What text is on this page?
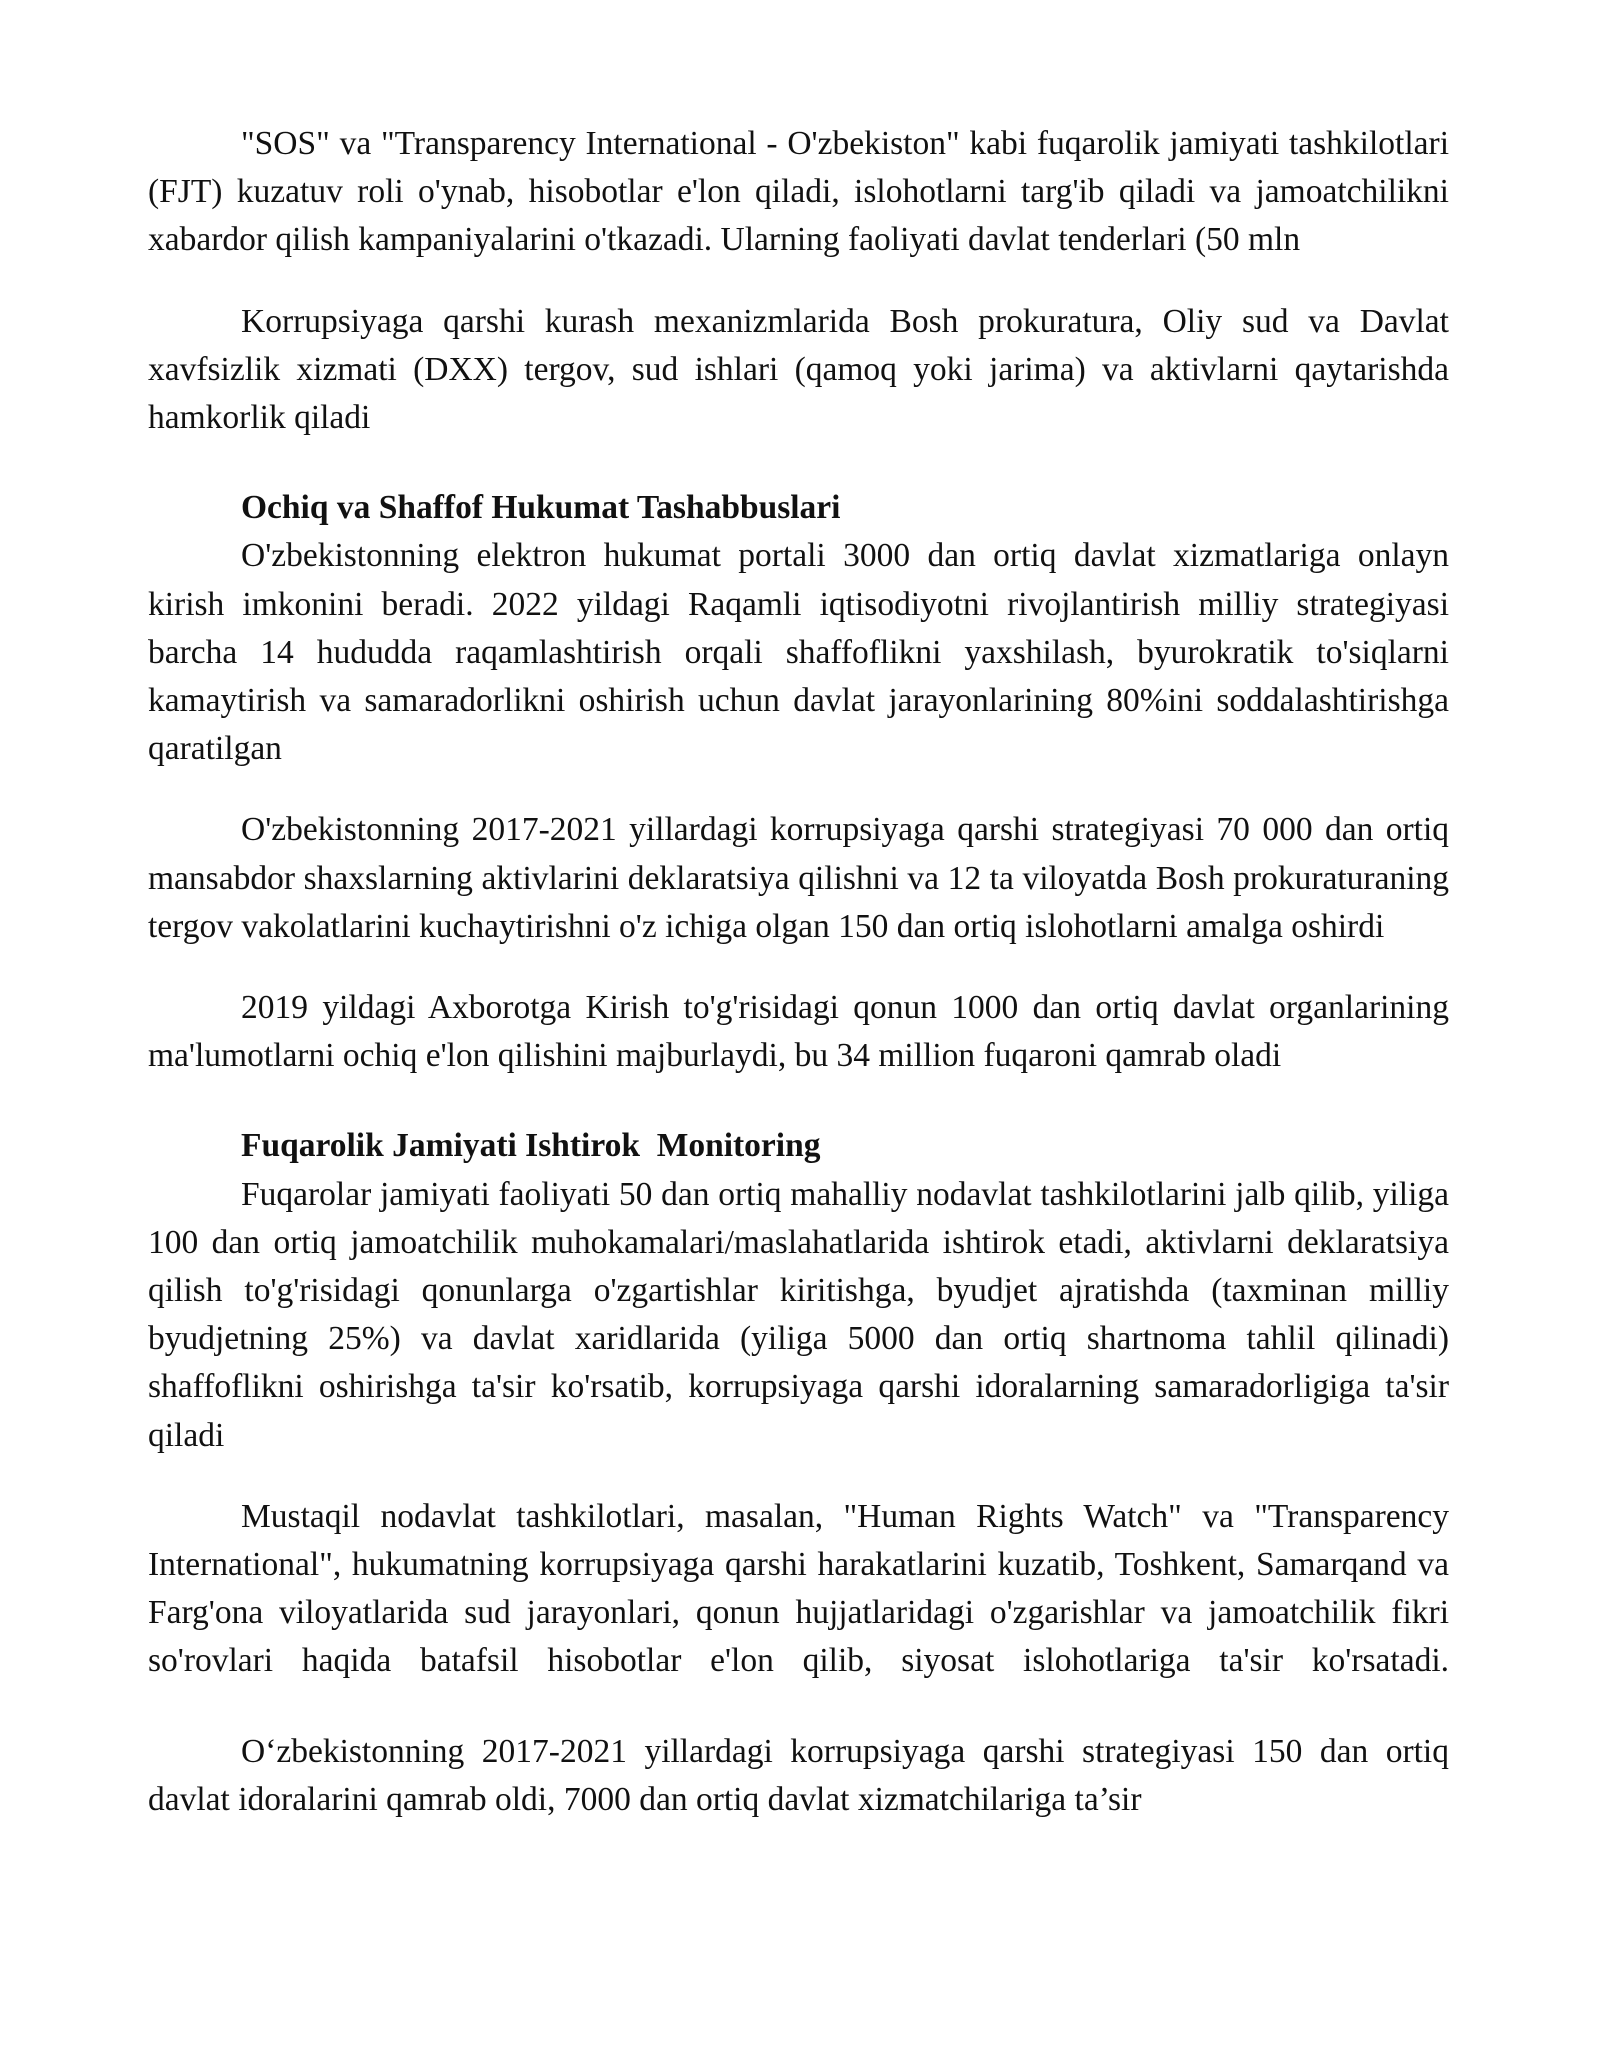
"SOS" va "Transparency International - O'zbekiston" kabi fuqarolik jamiyati tashkilotlari (FJT) kuzatuv roli o'ynab, hisobotlar e'lon qiladi, islohotlarni targ'ib qiladi va jamoatchilikni xabardor qilish kampaniyalarini o'tkazadi. Ularning faoliyati davlat tenderlari (50 mln

Korrupsiyaga qarshi kurash mexanizmlarida Bosh prokuratura, Oliy sud va Davlat xavfsizlik xizmati (DXX) tergov, sud ishlari (qamoq yoki jarima) va aktivlarni qaytarishda hamkorlik qiladi

Ochiq va Shaffof Hukumat Tashabbuslari

O'zbekistonning elektron hukumat portali 3000 dan ortiq davlat xizmatlariga onlayn kirish imkonini beradi. 2022 yildagi Raqamli iqtisodiyotni rivojlantirish milliy strategiyasi barcha 14 hududda raqamlashtirish orqali shaffoflikni yaxshilash, byurokratik to'siqlarni kamaytirish va samaradorlikni oshirish uchun davlat jarayonlarining 80%ini soddalashtirishga qaratilgan

O'zbekistonning 2017-2021 yillardagi korrupsiyaga qarshi strategiyasi 70 000 dan ortiq mansabdor shaxslarning aktivlarini deklaratsiya qilishni va 12 ta viloyatda Bosh prokuraturaning tergov vakolatlarini kuchaytirishni o'z ichiga olgan 150 dan ortiq islohotlarni amalga oshirdi

2019 yildagi Axborotga Kirish to'g'risidagi qonun 1000 dan ortiq davlat organlarining ma'lumotlarni ochiq e'lon qilishini majburlaydi, bu 34 million fuqaroni qamrab oladi

Fuqarolik Jamiyati Ishtirok  Monitoring

Fuqarolar jamiyati faoliyati 50 dan ortiq mahalliy nodavlat tashkilotlarini jalb qilib, yiliga 100 dan ortiq jamoatchilik muhokamalari/maslahatlarida ishtirok etadi, aktivlarni deklaratsiya qilish to'g'risidagi qonunlarga o'zgartishlar kiritishga, byudjet ajratishda (taxminan milliy byudjetning 25%) va davlat xaridlarida (yiliga 5000 dan ortiq shartnoma tahlil qilinadi) shaffoflikni oshirishga ta'sir ko'rsatib, korrupsiyaga qarshi idoralarning samaradorligiga ta'sir qiladi

Mustaqil nodavlat tashkilotlari, masalan, "Human Rights Watch" va "Transparency International", hukumatning korrupsiyaga qarshi harakatlarini kuzatib, Toshkent, Samarqand va Farg'ona viloyatlarida sud jarayonlari, qonun hujjatlaridagi o'zgarishlar va jamoatchilik fikri so'rovlari haqida batafsil hisobotlar e'lon qilib, siyosat islohotlariga ta'sir ko'rsatadi.

O‘zbekistonning 2017-2021 yillardagi korrupsiyaga qarshi strategiyasi 150 dan ortiq davlat idoralarini qamrab oldi, 7000 dan ortiq davlat xizmatchilariga ta’sir
